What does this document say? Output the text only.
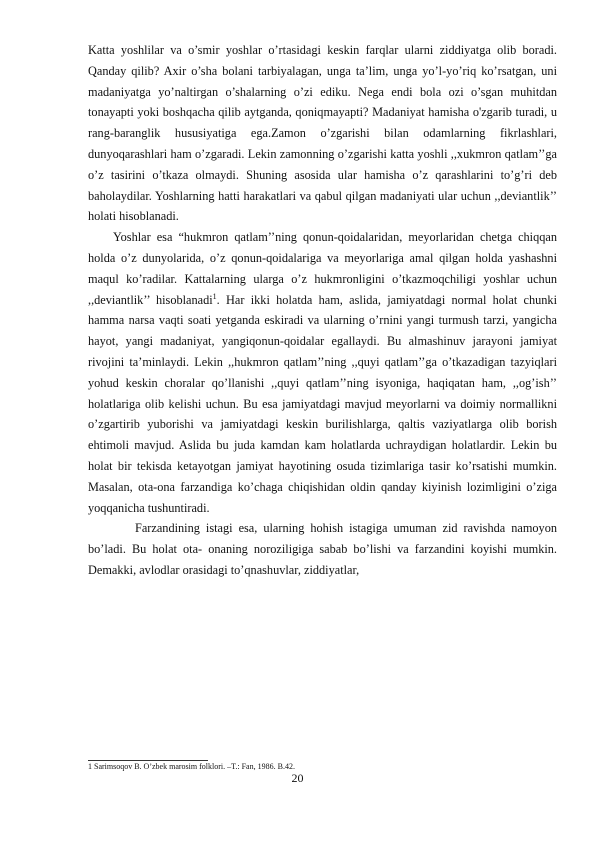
Katta yoshlilar va o’smir yoshlar o’rtasidagi keskin farqlar ularni ziddiyatga olib boradi. Qanday qilib? Axir o’sha bolani tarbiyalagan, unga ta’lim, unga yo’l-yo’riq ko’rsatgan, uni madaniyatga yo’naltirgan o’shalarning o’zi ediku. Nega endi bola ozi o’sgan muhitdan tonayapti yoki boshqacha qilib aytganda, qoniqmayapti? Madaniyat hamisha o'zgarib turadi, u rang-baranglik hususiyatiga ega.Zamon o’zgarishi bilan odamlarning fikrlashlari, dunyoqarashlari ham o’zgaradi. Lekin zamonning o’zgarishi katta yoshli ,,xukmron qatlam’’ga o’z tasirini o’tkaza olmaydi. Shuning asosida ular hamisha o’z qarashlarini to’g’ri deb baholaydilar. Yoshlarning hatti harakatlari va qabul qilgan madaniyati ular uchun ,,deviantlik’’ holati hisoblanadi.

Yoshlar esa “hukmron qatlam’’ning qonun-qoidalaridan, meyorlaridan chetga chiqqan holda o’z dunyolarida, o’z qonun-qoidalariga va meyorlariga amal qilgan holda yashashni maqul ko’radilar. Kattalarning ularga o’z hukmronligini o’tkazmoqchiligi yoshlar uchun ,,deviantlik’’ hisoblanadi$^1$. Har ikki holatda ham, aslida, jamiyatdagi normal holat chunki hamma narsa vaqti soati yetganda eskiradi va ularning o’rnini yangi turmush tarzi, yangicha hayot, yangi madaniyat, yangiqonun-qoidalar egallaydi. Bu almashinuv jarayoni jamiyat rivojini ta’minlaydi. Lekin ,,hukmron qatlam’’ning ,,quyi qatlam’’ga o’tkazadigan tazyiqlari yohud keskin choralar qo’llanishi ,,quyi qatlam’’ning isyoniga, haqiqatan ham, ,,og’ish’’ holatlariga olib kelishi uchun. Bu esa jamiyatdagi mavjud meyorlarni va doimiy normallikni o’zgartirib yuborishi va jamiyatdagi keskin burilishlarga, qaltis vaziyatlarga olib borish ehtimoli mavjud. Aslida bu juda kamdan kam holatlarda uchraydigan holatlardir. Lekin bu holat bir tekisda ketayotgan jamiyat hayotining osuda tizimlariga tasir ko’rsatishi mumkin. Masalan, ota-ona farzandiga ko’chaga chiqishidan oldin qanday kiyinish lozimligini o’ziga yoqqanicha tushuntiradi.

Farzandining istagi esa, ularning hohish istagiga umuman zid ravishda namoyon bo’ladi. Bu holat ota- onaning noroziligiga sabab bo’lishi va farzandini koyishi mumkin. Demakki, avlodlar orasidagi to’qnashuvlar, ziddiyatlar,

1 Sarimsoqov B. O’zbek marosim folklori. –T.: Fan, 1986. B.42.
20
